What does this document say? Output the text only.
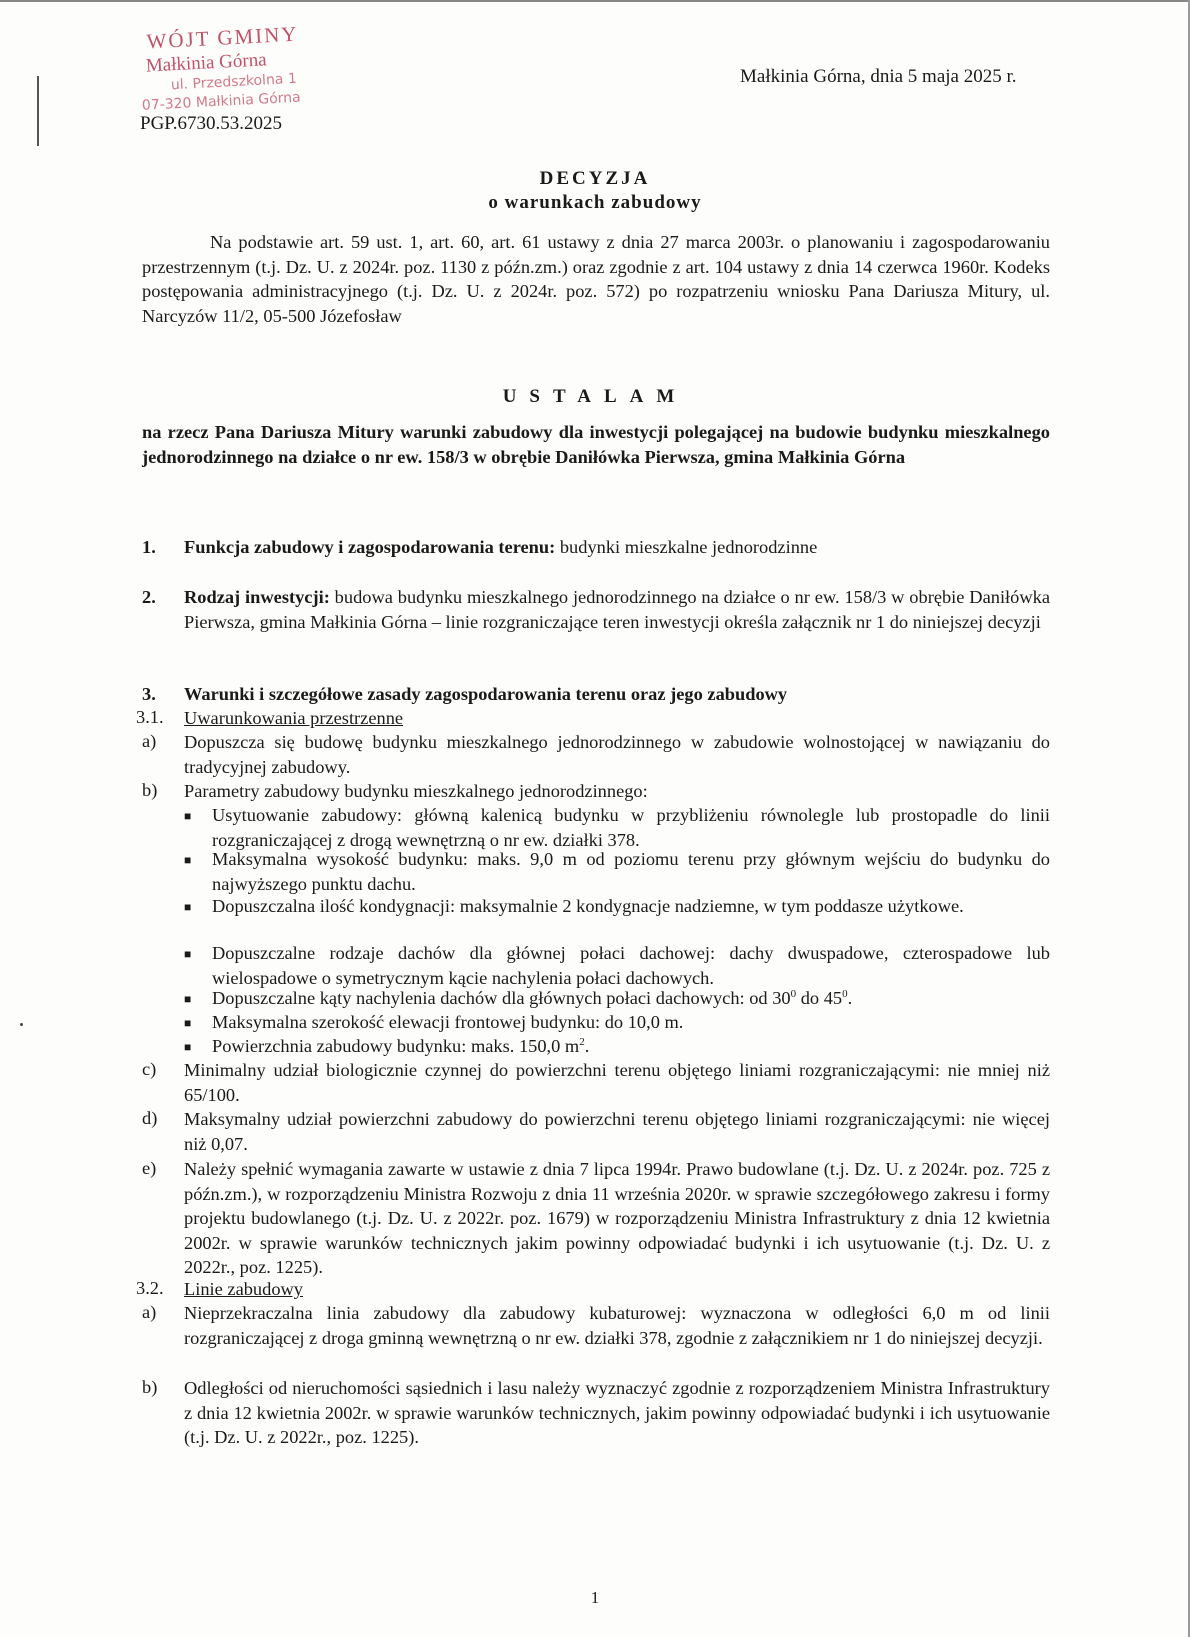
WÓJT GMINY
Małkinia Górna
ul. Przedszkolna 1
07-320 Małkinia Górna
PGP.6730.53.2025
Małkinia Górna, dnia 5 maja 2025 r.
DECYZJA
o warunkach zabudowy
Na podstawie art. 59 ust. 1, art. 60, art. 61 ustawy z dnia 27 marca 2003r. o planowaniu i zagospodarowaniu przestrzennym (t.j. Dz. U. z 2024r. poz. 1130 z późn.zm.) oraz zgodnie z art. 104 ustawy z dnia 14 czerwca 1960r. Kodeks postępowania administracyjnego (t.j. Dz. U. z 2024r. poz. 572) po rozpatrzeniu wniosku Pana Dariusza Mitury, ul. Narcyzów 11/2, 05-500 Józefosław
USTALAM
na rzecz Pana Dariusza Mitury warunki zabudowy dla inwestycji polegającej na budowie budynku mieszkalnego jednorodzinnego na działce o nr ew. 158/3 w obrębie Daniłówka Pierwsza, gmina Małkinia Górna
1. Funkcja zabudowy i zagospodarowania terenu: budynki mieszkalne jednorodzinne
2. Rodzaj inwestycji: budowa budynku mieszkalnego jednorodzinnego na działce o nr ew. 158/3 w obrębie Daniłówka Pierwsza, gmina Małkinia Górna – linie rozgraniczające teren inwestycji określa załącznik nr 1 do niniejszej decyzji
3. Warunki i szczegółowe zasady zagospodarowania terenu oraz jego zabudowy
3.1. Uwarunkowania przestrzenne
a) Dopuszcza się budowę budynku mieszkalnego jednorodzinnego w zabudowie wolnostojącej w nawiązaniu do tradycyjnej zabudowy.
b) Parametry zabudowy budynku mieszkalnego jednorodzinnego:
■ Usytuowanie zabudowy: główną kalenicą budynku w przybliżeniu równolegle lub prostopadle do linii rozgraniczającej z drogą wewnętrzną o nr ew. działki 378.
■ Maksymalna wysokość budynku: maks. 9,0 m od poziomu terenu przy głównym wejściu do budynku do najwyższego punktu dachu.
■ Dopuszczalna ilość kondygnacji: maksymalnie 2 kondygnacje nadziemne, w tym poddasze użytkowe.
■ Dopuszczalne rodzaje dachów dla głównej połaci dachowej: dachy dwuspadowe, czterospadowe lub wielospadowe o symetrycznym kącie nachylenia połaci dachowych.
■ Dopuszczalne kąty nachylenia dachów dla głównych połaci dachowych: od $30^0$ do $45^0$.
■ Maksymalna szerokość elewacji frontowej budynku: do 10,0 m.
■ Powierzchnia zabudowy budynku: maks. 150,0 $m^2$.
c) Minimalny udział biologicznie czynnej do powierzchni terenu objętego liniami rozgraniczającymi: nie mniej niż 65/100.
d) Maksymalny udział powierzchni zabudowy do powierzchni terenu objętego liniami rozgraniczającymi: nie więcej niż 0,07.
e) Należy spełnić wymagania zawarte w ustawie z dnia 7 lipca 1994r. Prawo budowlane (t.j. Dz. U. z 2024r. poz. 725 z późn.zm.), w rozporządzeniu Ministra Rozwoju z dnia 11 września 2020r. w sprawie szczegółowego zakresu i formy projektu budowlanego (t.j. Dz. U. z 2022r. poz. 1679) w rozporządzeniu Ministra Infrastruktury z dnia 12 kwietnia 2002r. w sprawie warunków technicznych jakim powinny odpowiadać budynki i ich usytuowanie (t.j. Dz. U. z 2022r., poz. 1225).
3.2. Linie zabudowy
a) Nieprzekraczalna linia zabudowy dla zabudowy kubaturowej: wyznaczona w odległości 6,0 m od linii rozgraniczającej z droga gminną wewnętrzną o nr ew. działki 378, zgodnie z załącznikiem nr 1 do niniejszej decyzji.
b) Odległości od nieruchomości sąsiednich i lasu należy wyznaczyć zgodnie z rozporządzeniem Ministra Infrastruktury z dnia 12 kwietnia 2002r. w sprawie warunków technicznych, jakim powinny odpowiadać budynki i ich usytuowanie (t.j. Dz. U. z 2022r., poz. 1225).
1
